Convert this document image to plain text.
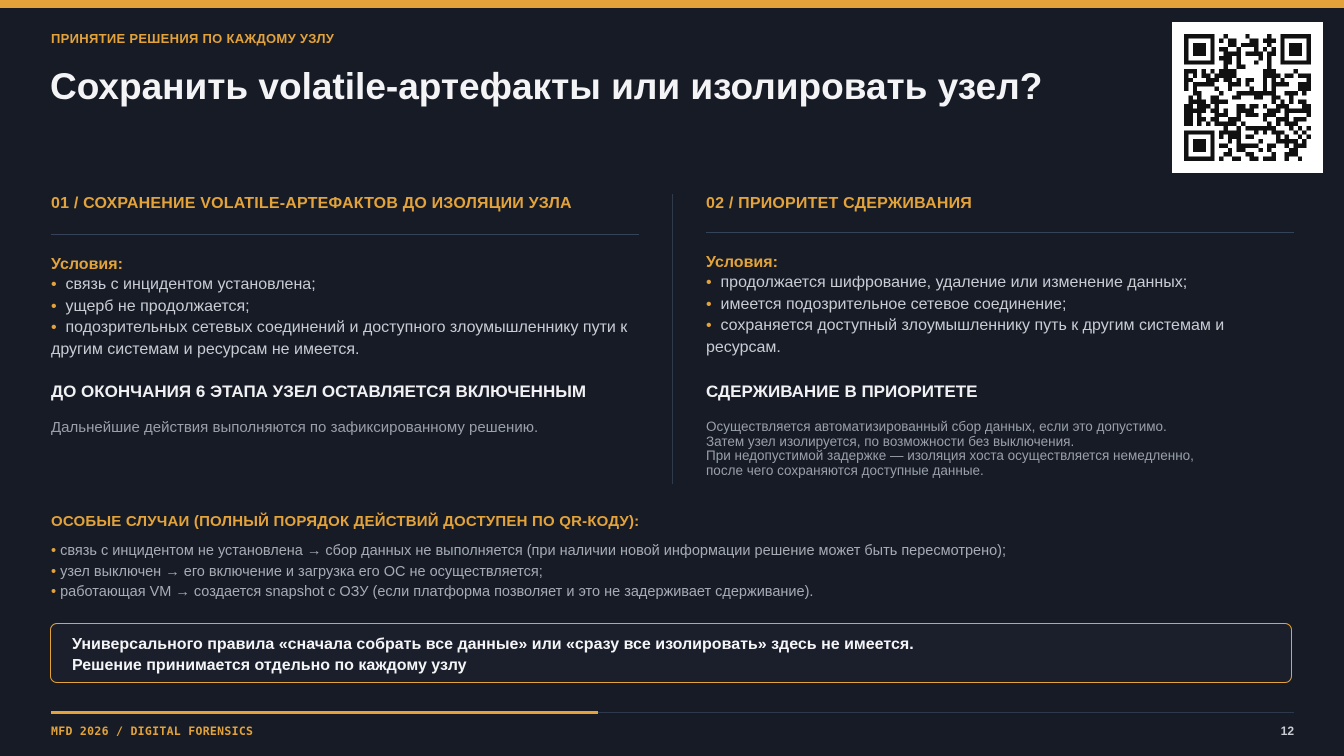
ПРИНЯТИЕ РЕШЕНИЯ ПО КАЖДОМУ УЗЛУ
Сохранить volatile-артефакты или изолировать узел?
01 / СОХРАНЕНИЕ VOLATILE-АРТЕФАКТОВ ДО ИЗОЛЯЦИИ УЗЛА
Условия:
• связь с инцидентом установлена;
• ущерб не продолжается;
• подозрительных сетевых соединений и доступного злоумышленнику пути к другим системам и ресурсам не имеется.
ДО ОКОНЧАНИЯ 6 ЭТАПА УЗЕЛ ОСТАВЛЯЕТСЯ ВКЛЮЧЕННЫМ
Дальнейшие действия выполняются по зафиксированному решению.
02 / ПРИОРИТЕТ СДЕРЖИВАНИЯ
Условия:
• продолжается шифрование, удаление или изменение данных;
• имеется подозрительное сетевое соединение;
• сохраняется доступный злоумышленнику путь к другим системам и ресурсам.
СДЕРЖИВАНИЕ В ПРИОРИТЕТЕ
Осуществляется автоматизированный сбор данных, если это допустимо.
Затем узел изолируется, по возможности без выключения.
При недопустимой задержке — изоляция хоста осуществляется немедленно,
после чего сохраняются доступные данные.
ОСОБЫЕ СЛУЧАИ (ПОЛНЫЙ ПОРЯДОК ДЕЙСТВИЙ ДОСТУПЕН ПО QR-КОДУ):
• связь с инцидентом не установлена → сбор данных не выполняется (при наличии новой информации решение может быть пересмотрено);
• узел выключен → его включение и загрузка его ОС не осуществляется;
• работающая VM → создается snapshot с ОЗУ (если платформа позволяет и это не задерживает сдерживание).
Универсального правила «сначала собрать все данные» или «сразу все изолировать» здесь не имеется.
Решение принимается отдельно по каждому узлу
MFD 2026 / DIGITAL FORENSICS	12
